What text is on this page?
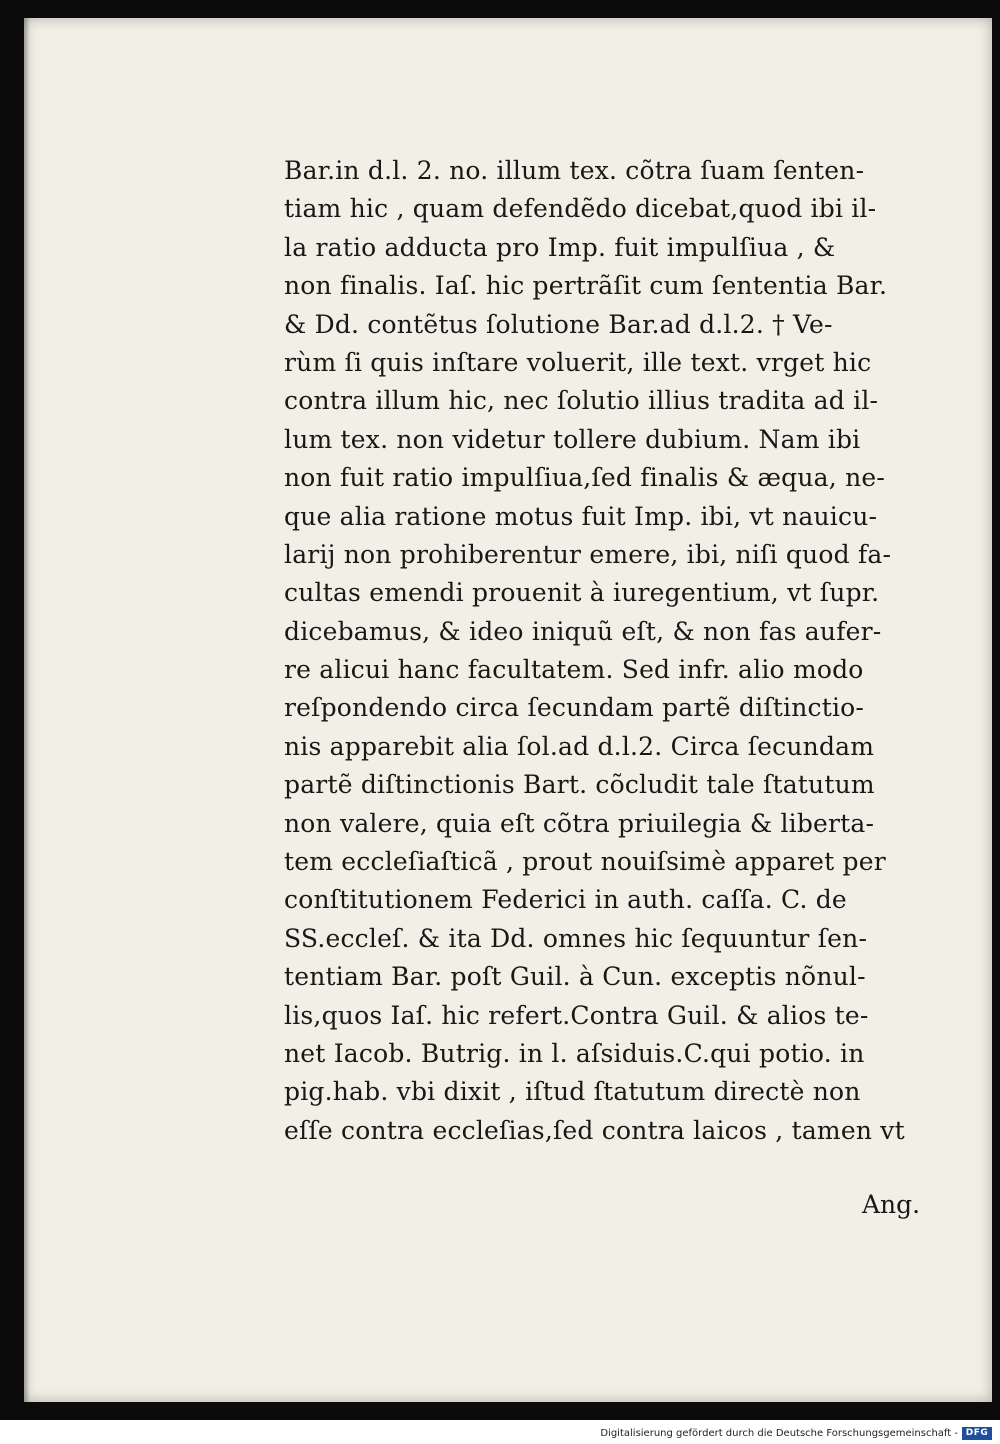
Bar.in d.l. 2. no. illum tex. cõtra ſuam ſenten-
tiam hic , quam defendẽdo dicebat,quod ibi il-
la ratio adducta pro Imp. fuit impulſiua , &
non finalis. Iaſ. hic pertrãſit cum ſententia Bar.
& Dd. contẽtus ſolutione Bar.ad d.l.2. † Ve-
rùm ſi quis inſtare voluerit, ille text. vrget hic
contra illum hic, nec ſolutio illius tradita ad il-
lum tex. non videtur tollere dubium. Nam ibi
non fuit ratio impulſiua,ſed finalis & æqua, ne-
que alia ratione motus fuit Imp. ibi, vt nauicu-
larij non prohiberentur emere, ibi, niſi quod fa-
cultas emendi prouenit à iuregentium, vt ſupr.
dicebamus, & ideo iniquũ eſt, & non fas aufer-
re alicui hanc facultatem. Sed infr. alio modo
reſpondendo circa ſecundam partẽ diſtinctio-
nis apparebit alia ſol.ad d.l.2. Circa ſecundam
partẽ diſtinctionis Bart. cõcludit tale ſtatutum
non valere, quia eſt cõtra priuilegia & liberta-
tem eccleſiaſticã , prout nouiſsimè apparet per
conſtitutionem Federici in auth. caſſa. C. de
SS.eccleſ. & ita Dd. omnes hic ſequuntur ſen-
tentiam Bar. poſt Guil. à Cun. exceptis nõnul-
lis,quos Iaſ. hic refert.Contra Guil. & alios te-
net Iacob. Butrig. in l. aſsiduis.C.qui potio. in
pig.hab. vbi dixit , iſtud ſtatutum directè non
eſſe contra eccleſias,ſed contra laicos , tamen vt
Ang.
Digitalisierung gefördert durch die Deutsche Forschungsgemeinschaft - DFG
